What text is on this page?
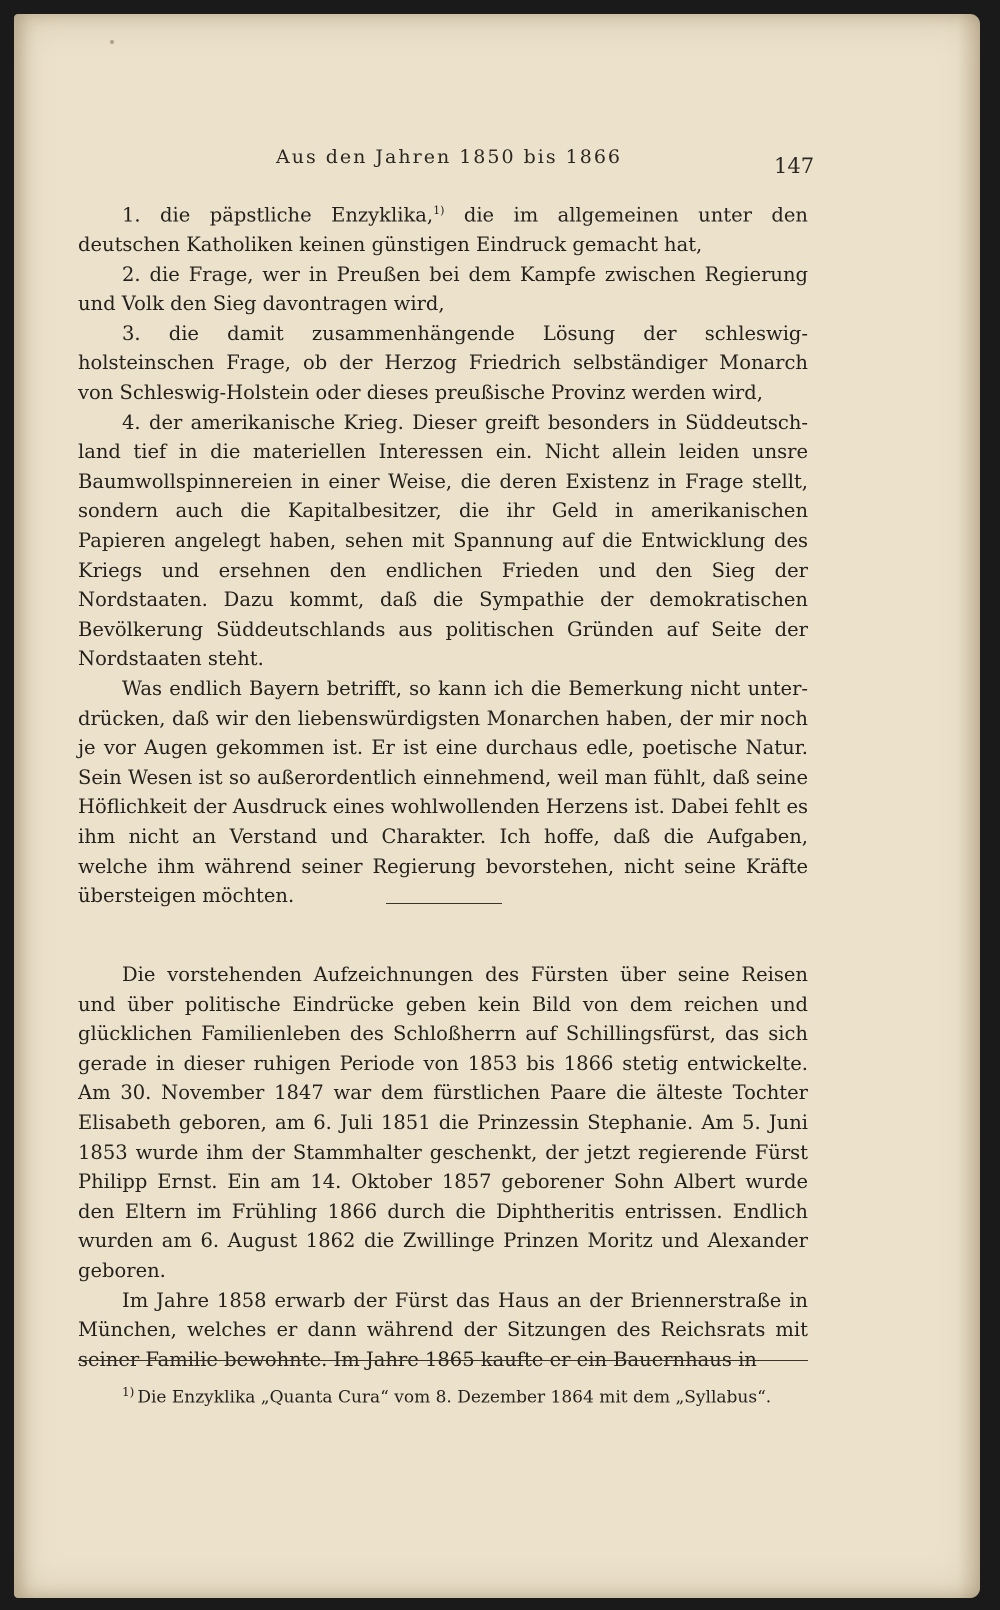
Aus den Jahren 1850 bis 1866	147

1. die päpstliche Enzyklika,$^{1)}$ die im allgemeinen unter den deutschen Katholiken keinen günstigen Eindruck gemacht hat,

2. die Frage, wer in Preußen bei dem Kampfe zwischen Regierung und Volk den Sieg davontragen wird,

3. die damit zusammenhängende Lösung der schleswig-holsteinschen Frage, ob der Herzog Friedrich selbständiger Monarch von Schleswig-Holstein oder dieses preußische Provinz werden wird,

4. der amerikanische Krieg. Dieser greift besonders in Süddeutschland tief in die materiellen Interessen ein. Nicht allein leiden unsre Baumwollspinnereien in einer Weise, die deren Existenz in Frage stellt, sondern auch die Kapitalbesitzer, die ihr Geld in amerikanischen Papieren angelegt haben, sehen mit Spannung auf die Entwicklung des Kriegs und ersehnen den endlichen Frieden und den Sieg der Nordstaaten. Dazu kommt, daß die Sympathie der demokratischen Bevölkerung Süddeutschlands aus politischen Gründen auf Seite der Nordstaaten steht.

Was endlich Bayern betrifft, so kann ich die Bemerkung nicht unterdrücken, daß wir den liebenswürdigsten Monarchen haben, der mir noch je vor Augen gekommen ist. Er ist eine durchaus edle, poetische Natur. Sein Wesen ist so außerordentlich einnehmend, weil man fühlt, daß seine Höflichkeit der Ausdruck eines wohlwollenden Herzens ist. Dabei fehlt es ihm nicht an Verstand und Charakter. Ich hoffe, daß die Aufgaben, welche ihm während seiner Regierung bevorstehen, nicht seine Kräfte übersteigen möchten.

Die vorstehenden Aufzeichnungen des Fürsten über seine Reisen und über politische Eindrücke geben kein Bild von dem reichen und glücklichen Familienleben des Schloßherrn auf Schillingsfürst, das sich gerade in dieser ruhigen Periode von 1853 bis 1866 stetig entwickelte. Am 30. November 1847 war dem fürstlichen Paare die älteste Tochter Elisabeth geboren, am 6. Juli 1851 die Prinzessin Stephanie. Am 5. Juni 1853 wurde ihm der Stammhalter geschenkt, der jetzt regierende Fürst Philipp Ernst. Ein am 14. Oktober 1857 geborener Sohn Albert wurde den Eltern im Frühling 1866 durch die Diphtheritis entrissen. Endlich wurden am 6. August 1862 die Zwillinge Prinzen Moritz und Alexander geboren.

Im Jahre 1858 erwarb der Fürst das Haus an der Briennerstraße in München, welches er dann während der Sitzungen des Reichsrats mit seiner Familie bewohnte. Im Jahre 1865 kaufte er ein Bauernhaus in

$^{1)}$ Die Enzyklika „Quanta Cura“ vom 8. Dezember 1864 mit dem „Syllabus“.
